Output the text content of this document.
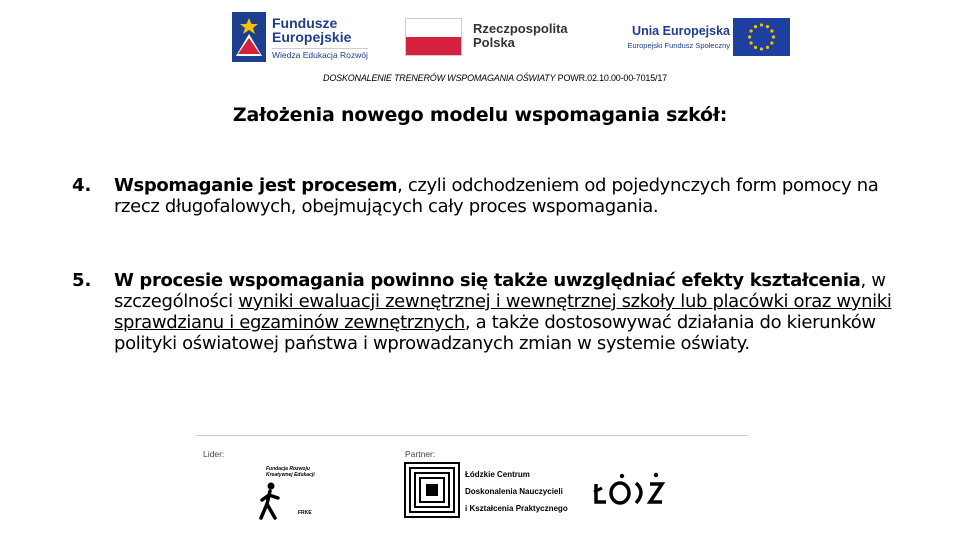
Fundusze
Europejskie
Wiedza Edukacja Rozwój
Rzeczpospolita
Polska
Unia Europejska
Europejski Fundusz Społeczny
DOSKONALENIE TRENERÓW WSPOMAGANIA OŚWIATY POWR.02.10.00-00-7015/17
Założenia nowego modelu wspomagania szkół:
4. Wspomaganie jest procesem, czyli odchodzeniem od pojedynczych form pomocy na rzecz długofalowych, obejmujących cały proces wspomagania.
5. W procesie wspomagania powinno się także uwzględniać efekty kształcenia, w szczególności wyniki ewaluacji zewnętrznej i wewnętrznej szkoły lub placówki oraz wyniki sprawdzianu i egzaminów zewnętrznych, a także dostosowywać działania do kierunków polityki oświatowej państwa i wprowadzanych zmian w systemie oświaty.
Lider:	Partner:
Fundacja Rozwoju Kreatywnej Edukacji
FRKE
Łódzkie Centrum
Doskonalenia Nauczycieli
i Kształcenia Praktycznego
